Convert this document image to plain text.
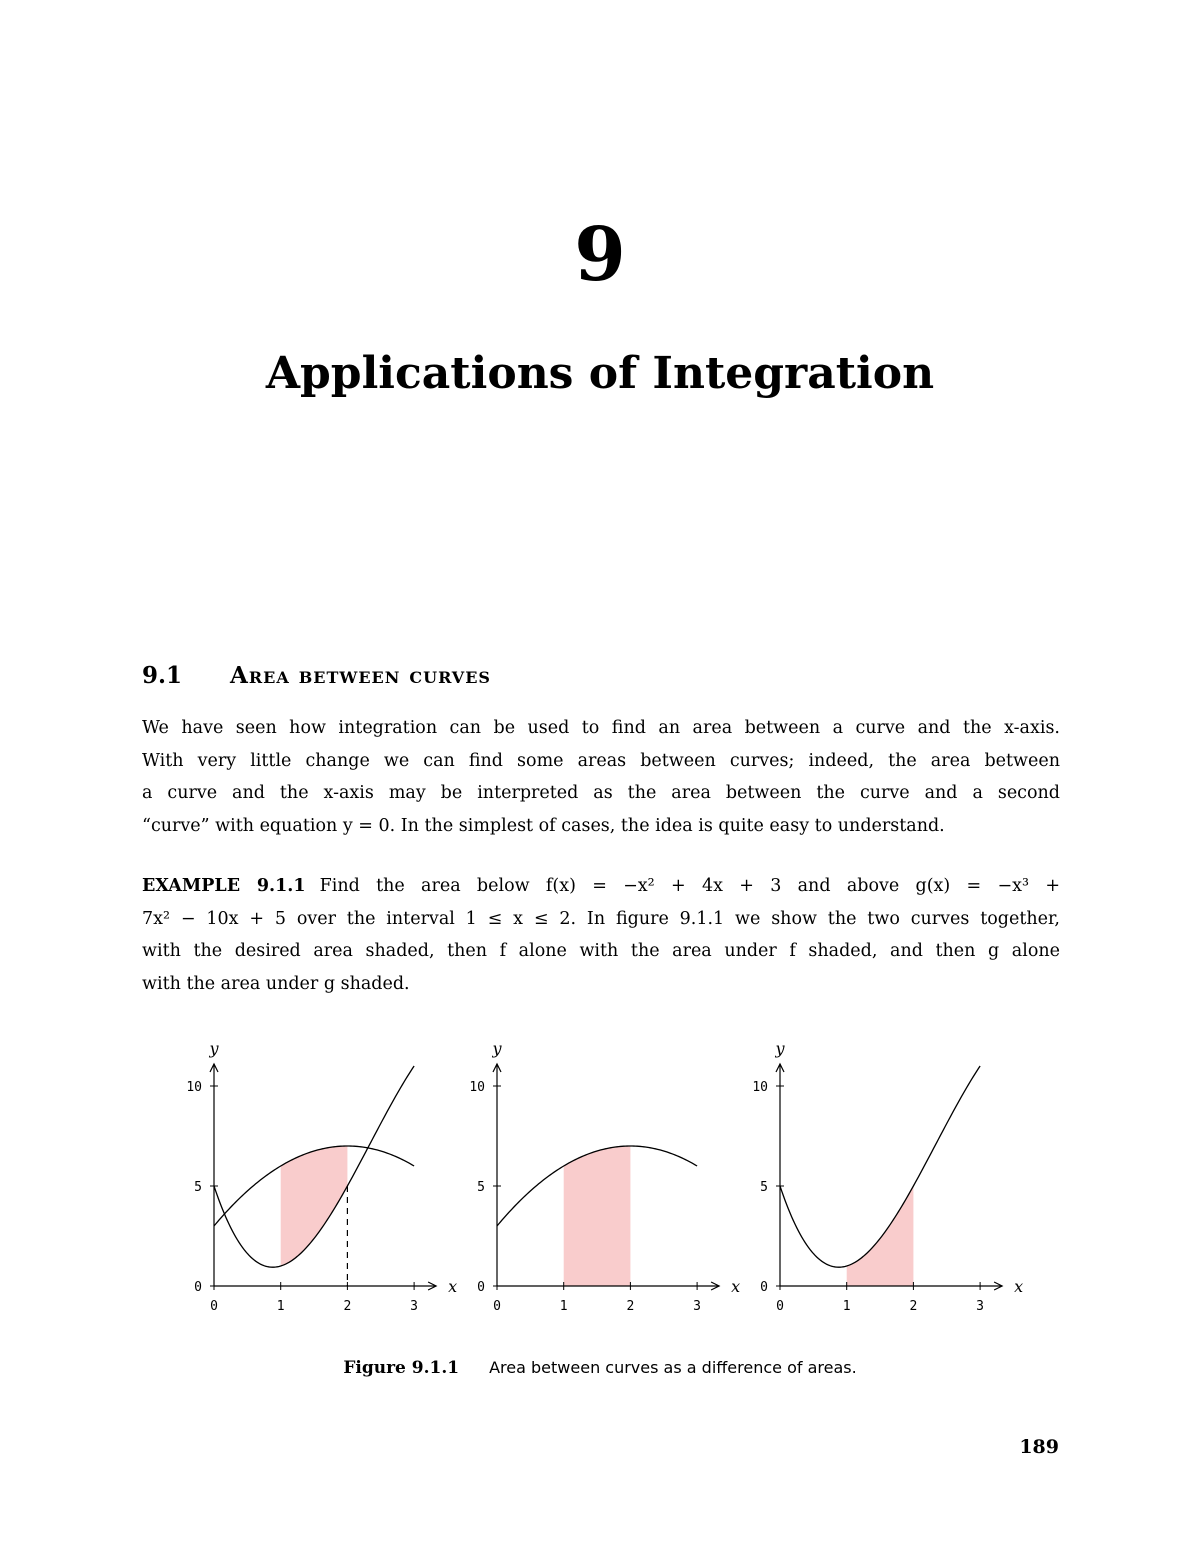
9
Applications of Integration
9.1 Area between curves
We have seen how integration can be used to find an area between a curve and the x-axis.
With very little change we can find some areas between curves; indeed, the area between
a curve and the x-axis may be interpreted as the area between the curve and a second
“curve” with equation y = 0. In the simplest of cases, the idea is quite easy to understand.
EXAMPLE 9.1.1 Find the area below f(x) = −x² + 4x + 3 and above g(x) = −x³ +
7x² − 10x + 5 over the interval 1 ≤ x ≤ 2. In figure 9.1.1 we show the two curves together,
with the desired area shaded, then f alone with the area under f shaded, and then g alone
with the area under g shaded.
0	1	2	3
0
5
10
x
y
0	1	2	3
0
5
10
x
y
0	1	2	3
0
5
10
x
y
Figure 9.1.1 Area between curves as a difference of areas.
189
